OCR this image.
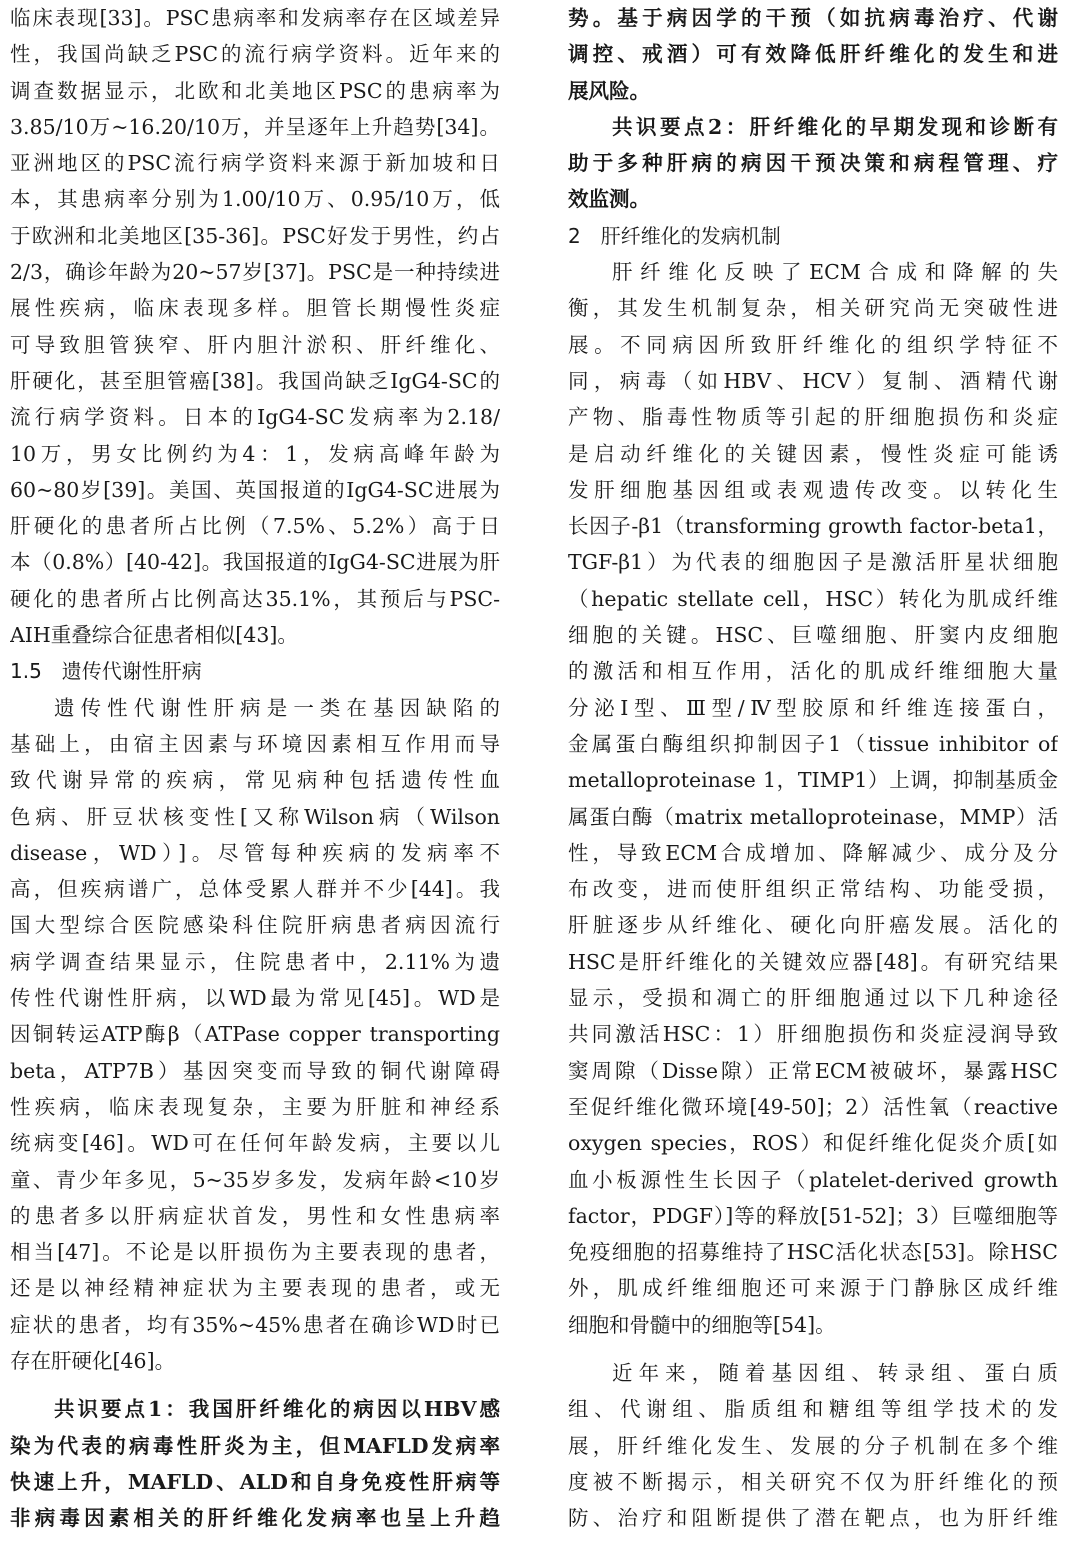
临床表现[33]。PSC患病率和发病率存在区域差异
性，我国尚缺乏PSC的流行病学资料。近年来的
调查数据显示，北欧和北美地区PSC的患病率为
3.85/10万~16.20/10万，并呈逐年上升趋势[34]。
亚洲地区的PSC流行病学资料来源于新加坡和日
本，其患病率分别为1.00/10万、0.95/10万，低
于欧洲和北美地区[35-36]。PSC好发于男性，约占
2/3，确诊年龄为20~57岁[37]。PSC是一种持续进
展性疾病，临床表现多样。胆管长期慢性炎症
可导致胆管狭窄、肝内胆汁淤积、肝纤维化、
肝硬化，甚至胆管癌[38]。我国尚缺乏IgG4-SC的
流行病学资料。日本的IgG4-SC发病率为2.18/
10万，男女比例约为4：1，发病高峰年龄为
60~80岁[39]。美国、英国报道的IgG4-SC进展为
肝硬化的患者所占比例（7.5%、5.2%）高于日
本（0.8%）[40-42]。我国报道的IgG4-SC进展为肝
硬化的患者所占比例高达35.1%，其预后与PSC-
AIH重叠综合征患者相似[43]。
1.5　遗传代谢性肝病
遗传性代谢性肝病是一类在基因缺陷的
基础上，由宿主因素与环境因素相互作用而导
致代谢异常的疾病，常见病种包括遗传性血
色病、肝豆状核变性[又称Wilson病（Wilson
disease，WD）]。尽管每种疾病的发病率不
高，但疾病谱广，总体受累人群并不少[44]。我
国大型综合医院感染科住院肝病患者病因流行
病学调查结果显示，住院患者中，2.11%为遗
传性代谢性肝病，以WD最为常见[45]。WD是
因铜转运ATP酶β（ATPase copper transporting
beta，ATP7B）基因突变而导致的铜代谢障碍
性疾病，临床表现复杂，主要为肝脏和神经系
统病变[46]。WD可在任何年龄发病，主要以儿
童、青少年多见，5~35岁多发，发病年龄<10岁
的患者多以肝病症状首发，男性和女性患病率
相当[47]。不论是以肝损伤为主要表现的患者，
还是以神经精神症状为主要表现的患者，或无
症状的患者，均有35%~45%患者在确诊WD时已
存在肝硬化[46]。
共识要点1：我国肝纤维化的病因以HBV感
染为代表的病毒性肝炎为主，但MAFLD发病率
快速上升，MAFLD、ALD和自身免疫性肝病等
非病毒因素相关的肝纤维化发病率也呈上升趋
势。基于病因学的干预（如抗病毒治疗、代谢
调控、戒酒）可有效降低肝纤维化的发生和进
展风险。
共识要点2：肝纤维化的早期发现和诊断有
助于多种肝病的病因干预决策和病程管理、疗
效监测。
2　肝纤维化的发病机制
肝纤维化反映了ECM合成和降解的失
衡，其发生机制复杂，相关研究尚无突破性进
展。不同病因所致肝纤维化的组织学特征不
同，病毒（如HBV、HCV）复制、酒精代谢
产物、脂毒性物质等引起的肝细胞损伤和炎症
是启动纤维化的关键因素，慢性炎症可能诱
发肝细胞基因组或表观遗传改变。以转化生
长因子-β1（transforming growth factor-beta1，
TGF-β1）为代表的细胞因子是激活肝星状细胞
（hepatic stellate cell，HSC）转化为肌成纤维
细胞的关键。HSC、巨噬细胞、肝窦内皮细胞
的激活和相互作用，活化的肌成纤维细胞大量
分泌Ⅰ型、Ⅲ型/Ⅳ型胶原和纤维连接蛋白，
金属蛋白酶组织抑制因子1（tissue inhibitor of
metalloproteinase 1，TIMP1）上调，抑制基质金
属蛋白酶（matrix metalloproteinase，MMP）活
性，导致ECM合成增加、降解减少、成分及分
布改变，进而使肝组织正常结构、功能受损，
肝脏逐步从纤维化、硬化向肝癌发展。活化的
HSC是肝纤维化的关键效应器[48]。有研究结果
显示，受损和凋亡的肝细胞通过以下几种途径
共同激活HSC：1）肝细胞损伤和炎症浸润导致
窦周隙（Disse隙）正常ECM被破坏，暴露HSC
至促纤维化微环境[49-50]；2）活性氧（reactive
oxygen species，ROS）和促纤维化促炎介质[如
血小板源性生长因子（platelet-derived growth
factor，PDGF）]等的释放[51-52]；3）巨噬细胞等
免疫细胞的招募维持了HSC活化状态[53]。除HSC
外，肌成纤维细胞还可来源于门静脉区成纤维
细胞和骨髓中的细胞等[54]。
近年来，随着基因组、转录组、蛋白质
组、代谢组、脂质组和糖组等组学技术的发
展，肝纤维化发生、发展的分子机制在多个维
度被不断揭示，相关研究不仅为肝纤维化的预
防、治疗和阻断提供了潜在靶点，也为肝纤维
